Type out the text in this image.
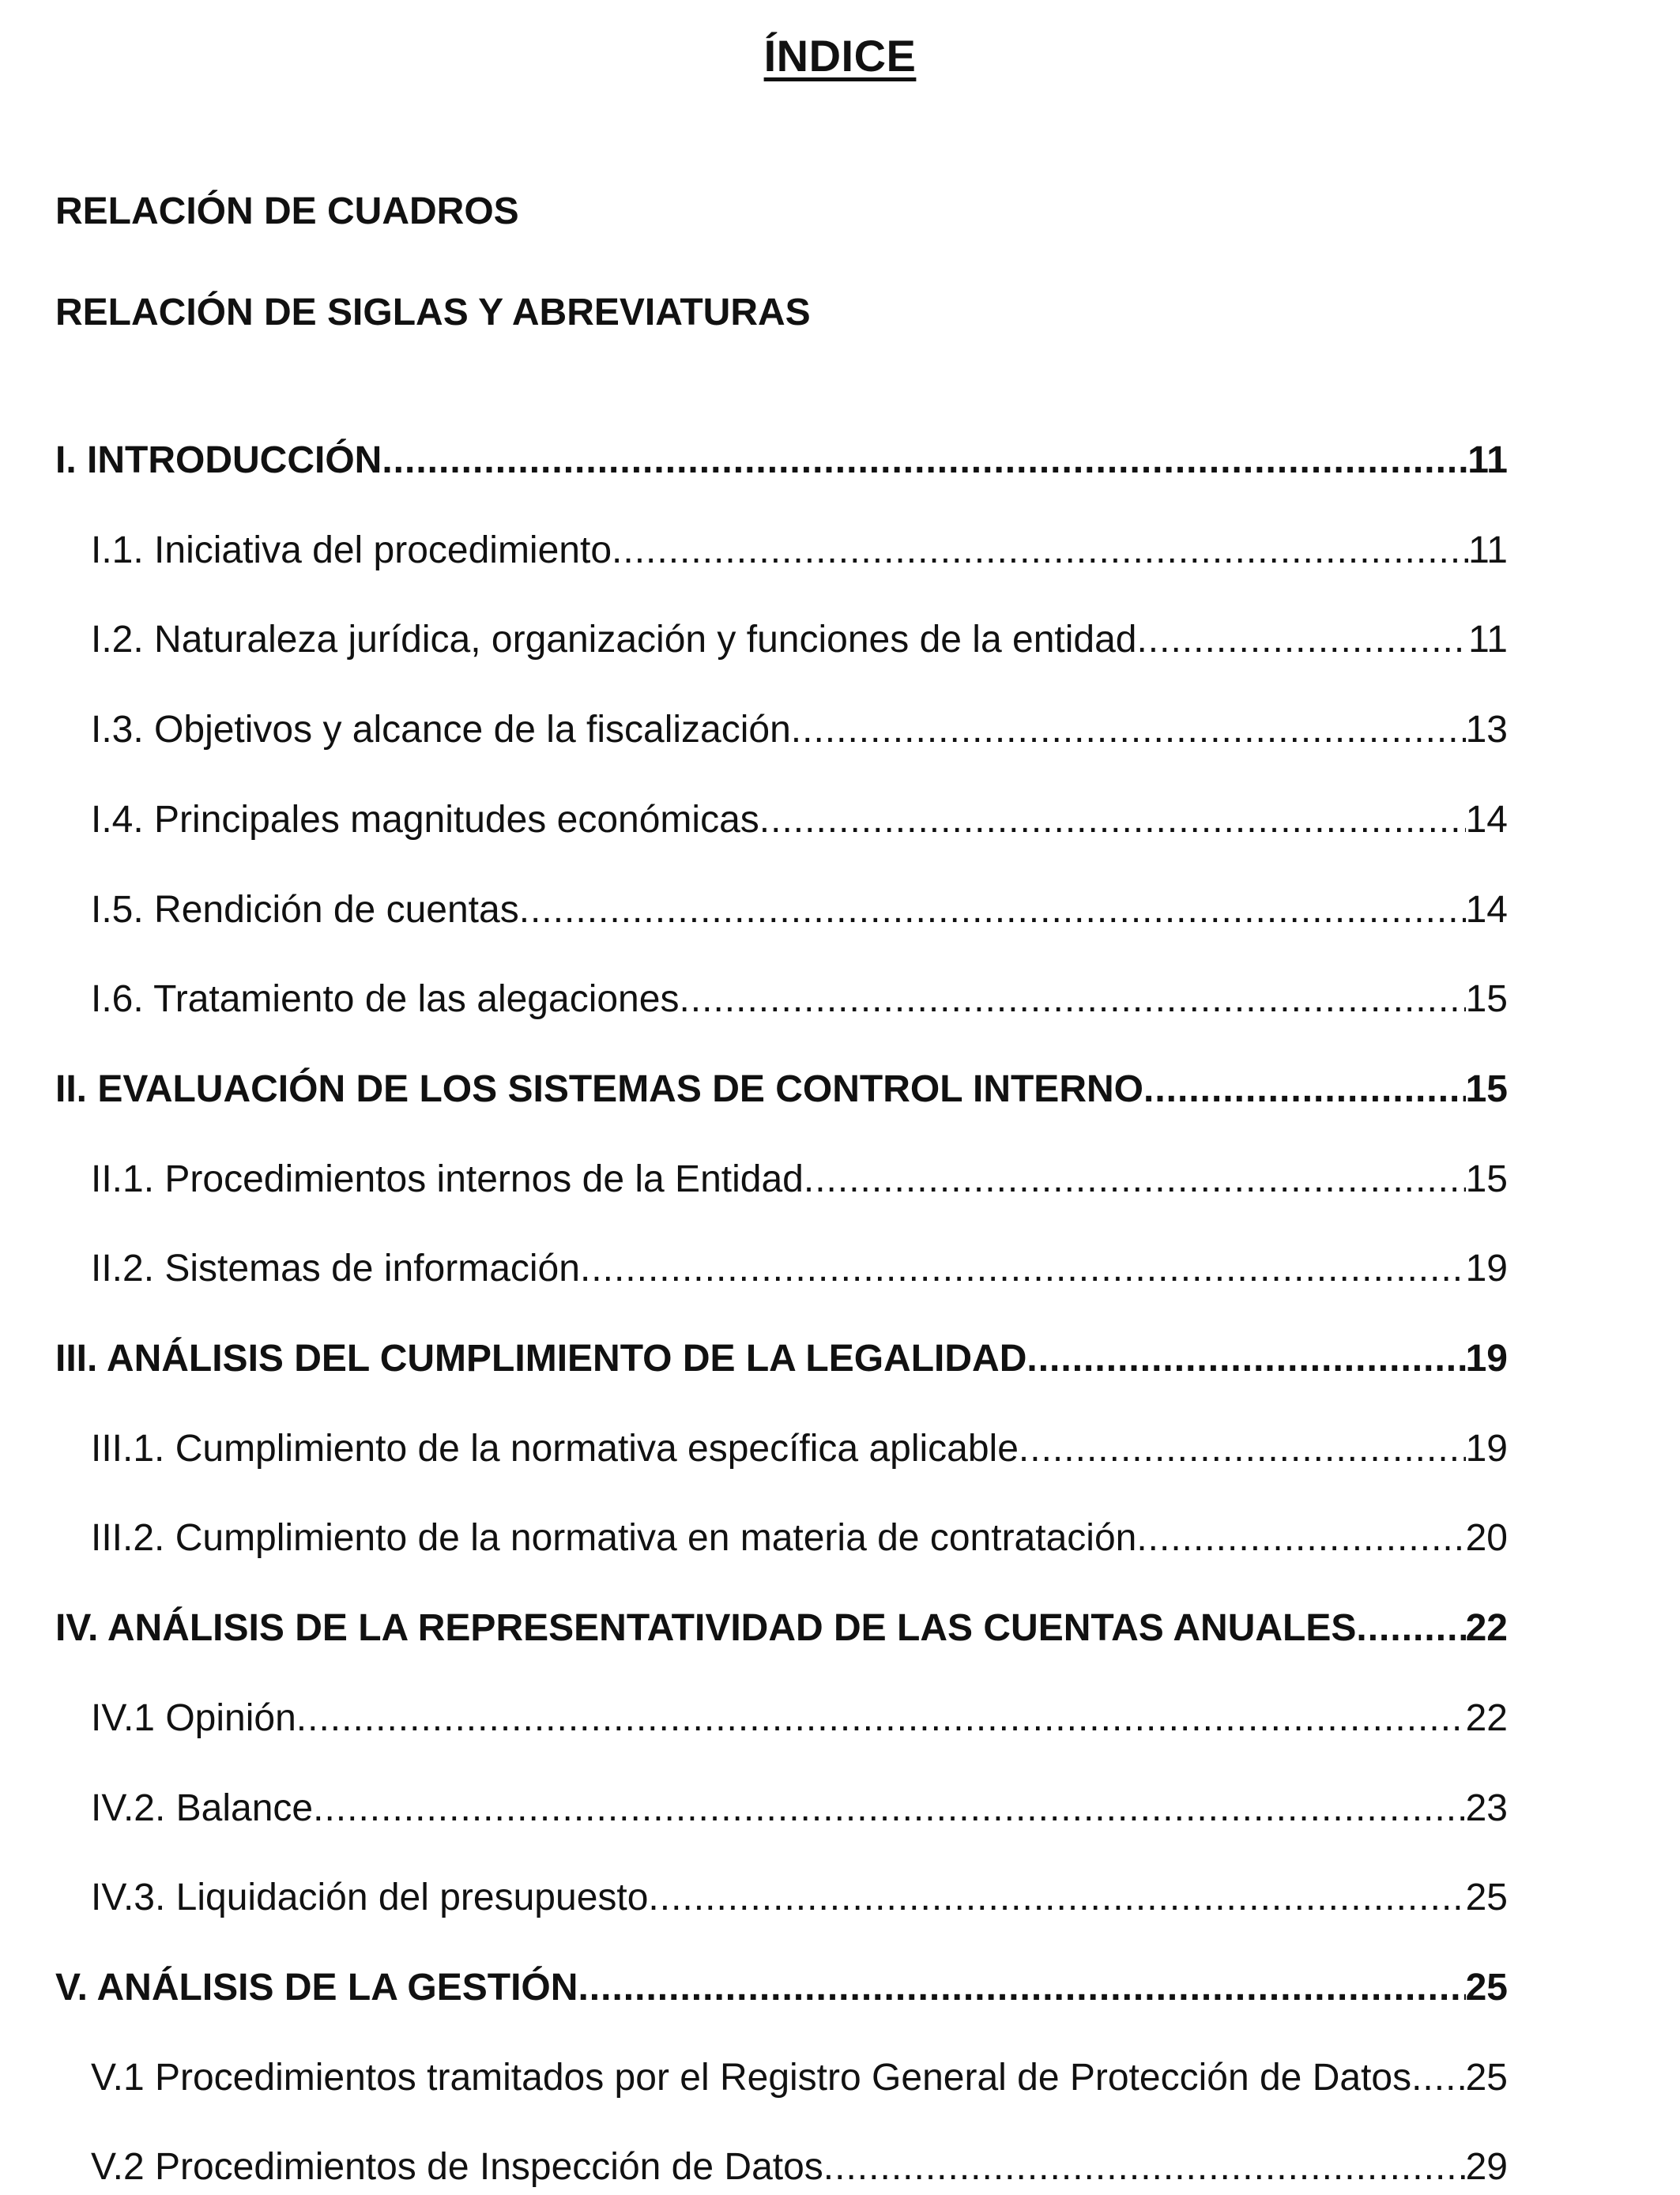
ÍNDICE
RELACIÓN DE CUADROS
RELACIÓN DE SIGLAS Y ABREVIATURAS
I. INTRODUCCIÓN .....	11
I.1. Iniciativa del procedimiento .....	11
I.2. Naturaleza jurídica, organización y funciones de la entidad .....	11
I.3. Objetivos y alcance de la fiscalización .....	13
I.4. Principales magnitudes económicas .....	14
I.5. Rendición de cuentas .....	14
I.6. Tratamiento de las alegaciones .....	15
II. EVALUACIÓN DE LOS SISTEMAS DE CONTROL INTERNO .....	15
II.1. Procedimientos internos de la Entidad .....	15
II.2. Sistemas de información .....	19
III. ANÁLISIS DEL CUMPLIMIENTO DE LA LEGALIDAD .....	19
III.1. Cumplimiento de la normativa específica aplicable .....	19
III.2. Cumplimiento de la normativa en materia de contratación .....	20
IV. ANÁLISIS DE LA REPRESENTATIVIDAD DE LAS CUENTAS ANUALES .....	22
IV.1 Opinión .....	22
IV.2. Balance .....	23
IV.3. Liquidación del presupuesto .....	25
V. ANÁLISIS DE LA GESTIÓN .....	25
V.1 Procedimientos tramitados por el Registro General de Protección de Datos ..... 25
V.2 Procedimientos de Inspección de Datos .....	29
